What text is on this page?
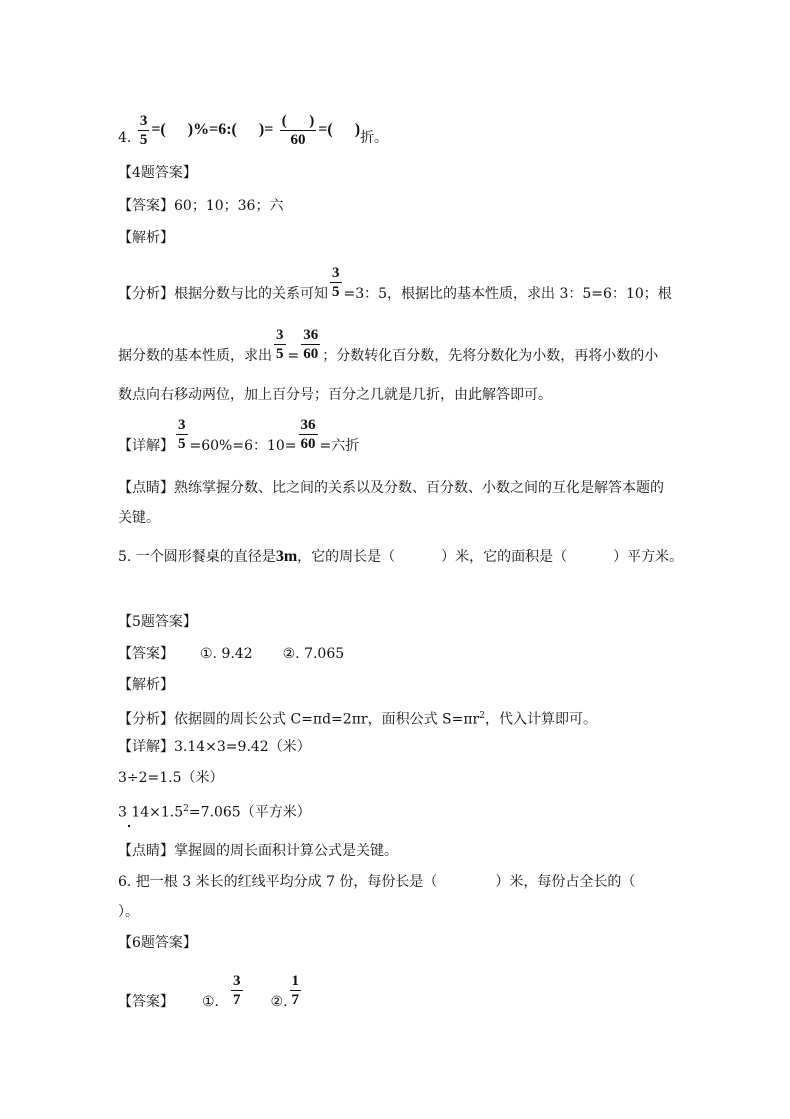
4. $\frac{3}{5}$ =( )%=6:( )= $\frac{( )}{60}$ =( )折。
【4题答案】
【答案】60；10；36；六
【解析】
【分析】根据分数与比的关系可知 $\frac{3}{5} =3$：5，根据比的基本性质，求出 3：5=6：10；根
据分数的基本性质，求出 $\frac{3}{5} = \frac{36}{60}$ ；分数转化百分数，先将分数化为小数，再将小数的小
数点向右移动两位，加上百分号；百分之几就是几折，由此解答即可。
【详解】 $\frac{3}{5} =60\%=6$：$10= \frac{36}{60}$ =六折
【点睛】熟练掌握分数、比之间的关系以及分数、百分数、小数之间的互化是解答本题的
关键。
5. 一个圆形餐桌的直径是3m，它的周长是（	）米，它的面积是（	）平方米。
【5题答案】
【答案】 ①. 9.42 ②. 7.065
【解析】
【分析】依据圆的周长公式 C=πd=2πr，面积公式 $S=\pi r^2$，代入计算即可。
【详解】3.14×3=9.42（米）
3÷2=1.5（米）
3 $14\times 1.5^2=7.065$（平方米）
【点睛】掌握圆的周长面积计算公式是关键。
6. 把一根 3 米长的红线平均分成 7 份，每份长是（	）米，每份占全长的（
）。
【6题答案】
【答案】 ①. $\frac{3}{7}$ ②. $\frac{1}{7}$
